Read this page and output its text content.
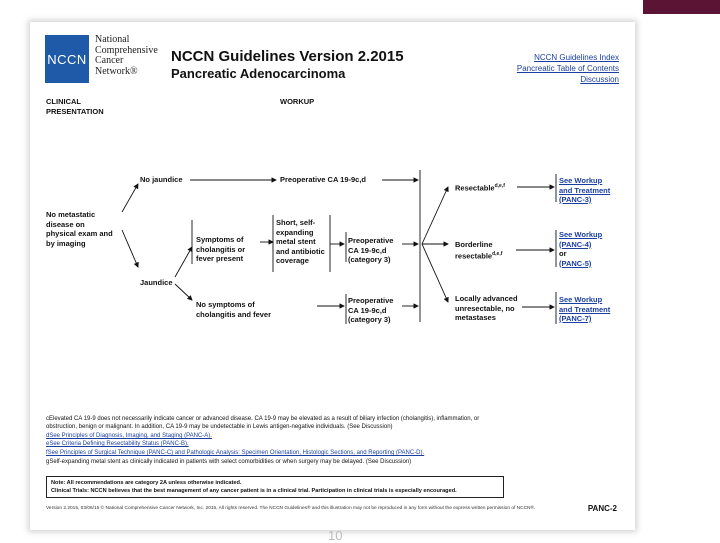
NCCN
National
Comprehensive
Cancer
Network®
NCCN Guidelines Version 2.2015
Pancreatic Adenocarcinoma
NCCN Guidelines Index
Pancreatic Table of Contents
Discussion
CLINICAL
PRESENTATION
WORKUP
No metastatic
disease on
physical exam and
by imaging
No jaundice
Jaundice
Preoperative CA 19-9c,d
Symptoms of
cholangitis or
fever present
Short, self-
expanding
metal stent
and antibiotic
coverage
Preoperative
CA 19-9c,d
(category 3)
No symptoms of
cholangitis and fever
Preoperative
CA 19-9c,d
(category 3)
Resectable$^{d,e,f}$
Borderline
resectable$^{d,e,f}$
Locally advanced
unresectable, no
metastases
See Workup
and Treatment
(PANC-3)
See Workup
(PANC-4)
or
(PANC-5)
See Workup
and Treatment
(PANC-7)
cElevated CA 19-9 does not necessarily indicate cancer or advanced disease. CA 19-9 may be elevated as a result of biliary infection (cholangitis), inflammation, or
obstruction, benign or malignant. In addition, CA 19-9 may be undetectable in Lewis antigen-negative individuals. (See Discussion)
dSee Principles of Diagnosis, Imaging, and Staging (PANC-A).
eSee Criteria Defining Resectability Status (PANC-B).
fSee Principles of Surgical Technique (PANC-C) and Pathologic Analysis: Specimen Orientation, Histologic Sections, and Reporting (PANC-D).
gSelf-expanding metal stent as clinically indicated in patients with select comorbidities or when surgery may be delayed. (See Discussion)
Note: All recommendations are category 2A unless otherwise indicated.
Clinical Trials: NCCN believes that the best management of any cancer patient is in a clinical trial. Participation in clinical trials is especially encouraged.
Version 2.2015, 03/06/15 © National Comprehensive Cancer Network, Inc. 2015, All rights reserved. The NCCN Guidelines® and this illustration may not be reproduced in any form without the express written permission of NCCN®.	PANC-2
10
